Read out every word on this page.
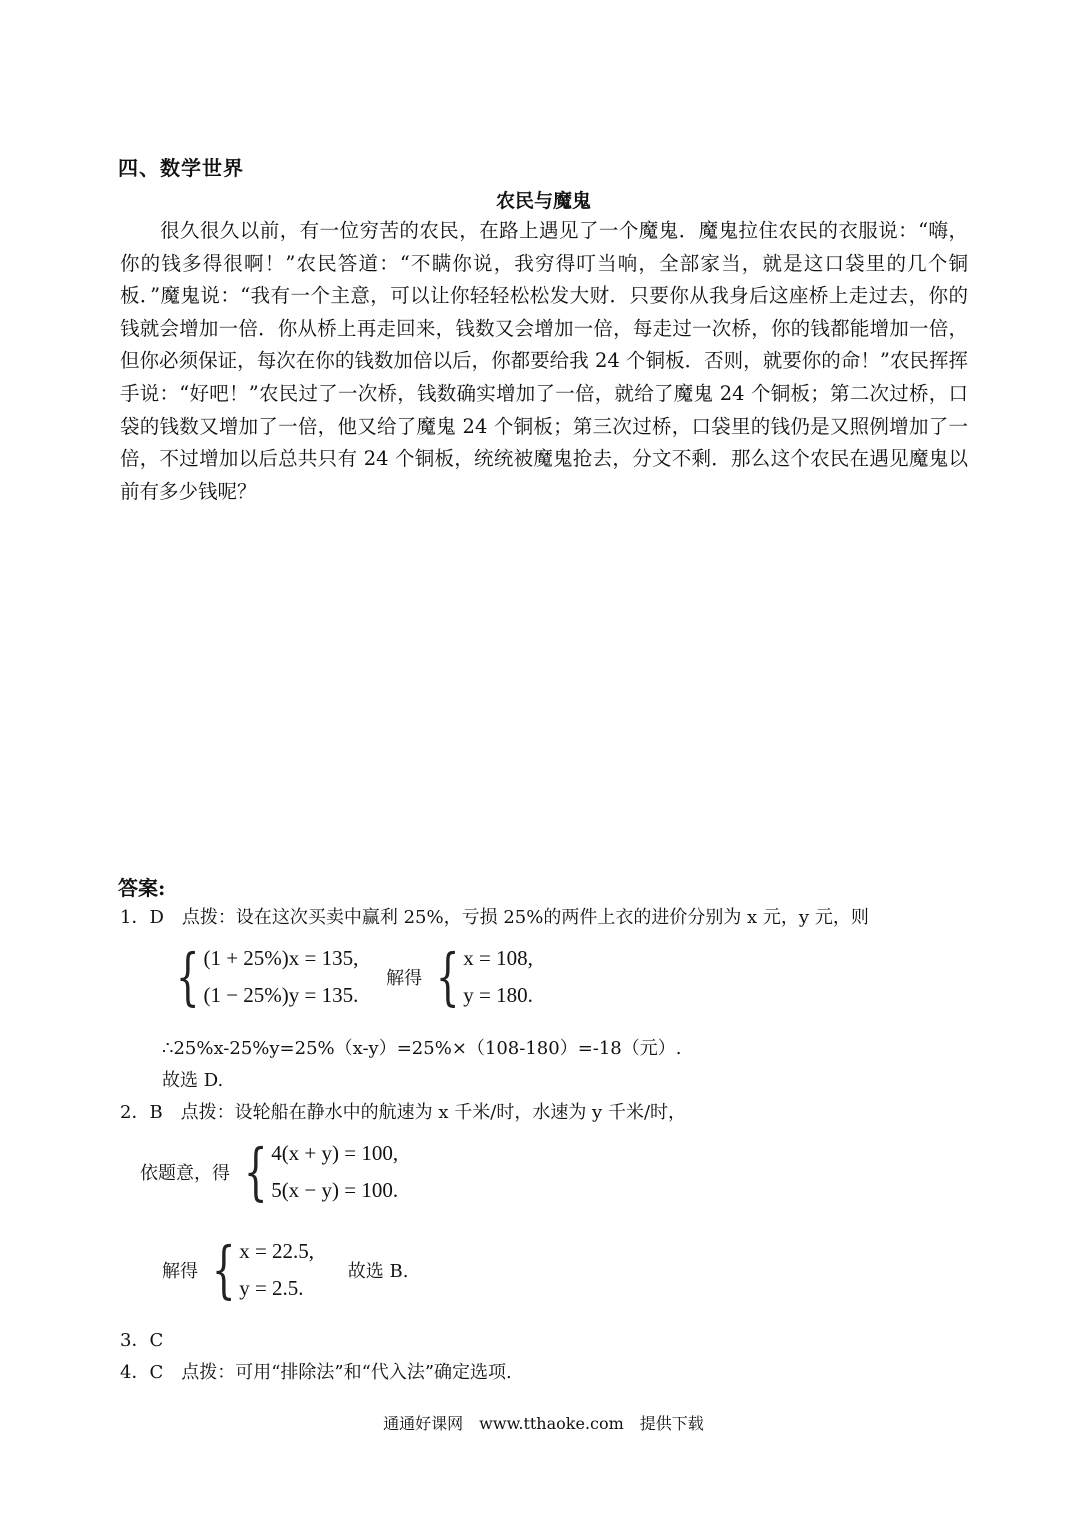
四、数学世界
农民与魔鬼
很久很久以前，有一位穷苦的农民，在路上遇见了一个魔鬼．魔鬼拉住农民的衣服说：“嗨，你的钱多得很啊！”农民答道：“不瞒你说，我穷得叮当响，全部家当，就是这口袋里的几个铜板．”魔鬼说：“我有一个主意，可以让你轻轻松松发大财．只要你从我身后这座桥上走过去，你的钱就会增加一倍．你从桥上再走回来，钱数又会增加一倍，每走过一次桥，你的钱都能增加一倍，但你必须保证，每次在你的钱数加倍以后，你都要给我 24 个铜板．否则，就要你的命！”农民挥挥手说：“好吧！”农民过了一次桥，钱数确实增加了一倍，就给了魔鬼 24 个铜板；第二次过桥，口袋的钱数又增加了一倍，他又给了魔鬼 24 个铜板；第三次过桥，口袋里的钱仍是又照例增加了一倍，不过增加以后总共只有 24 个铜板，统统被魔鬼抢去，分文不剩．那么这个农民在遇见魔鬼以前有多少钱呢？
答案:
1．D　点拨：设在这次买卖中赢利 25%，亏损 25%的两件上衣的进价分别为 x 元，y 元，则
{ (1 + 25%)x = 135,
(1 − 25%)y = 135.
解得 { x = 108,
y = 180.
∴25%x-25%y=25%（x-y）=25%×（108-180）=-18（元）.
故选 D.
2．B　点拨：设轮船在静水中的航速为 x 千米/时，水速为 y 千米/时，
依题意，得 { 4(x + y) = 100,
5(x − y) = 100.
解得 { x = 22.5,
y = 2.5.
故选 B.
3．C
4．C　点拨：可用“排除法”和“代入法”确定选项.
通通好课网　www.tthaoke.com　提供下载
